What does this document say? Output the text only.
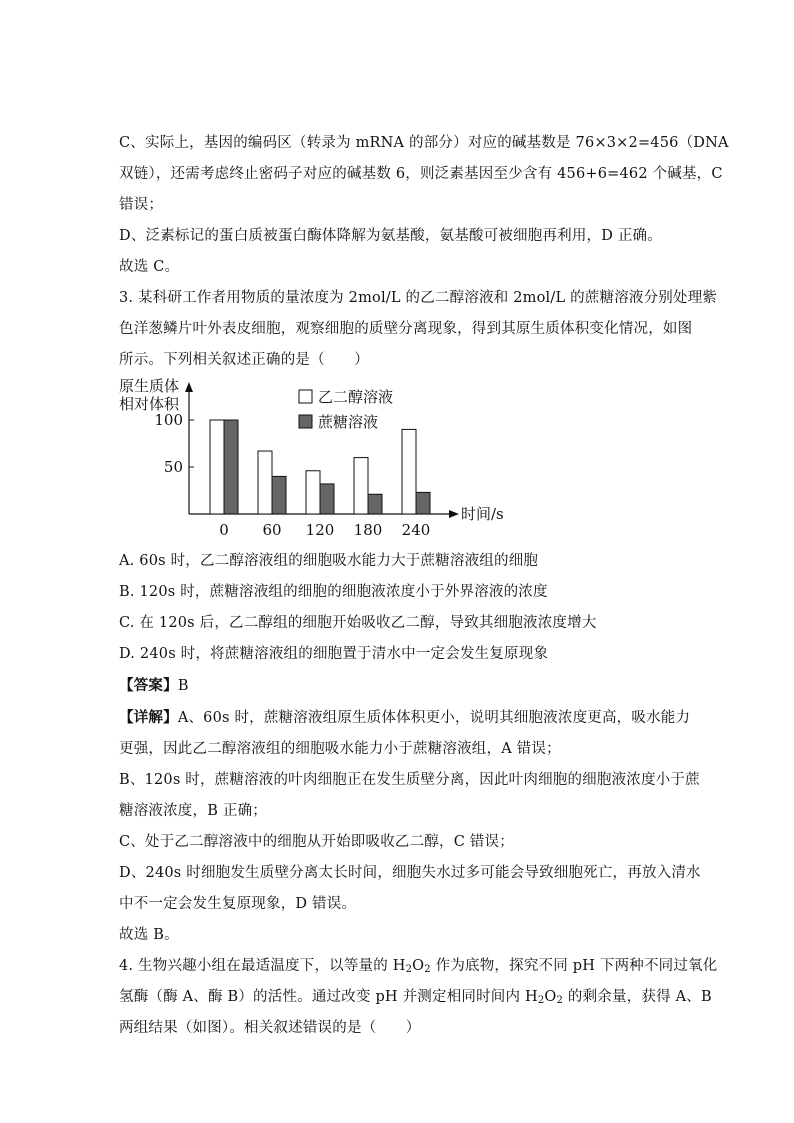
C、实际上，基因的编码区（转录为 mRNA 的部分）对应的碱基数是 76×3×2=456（DNA

双链），还需考虑终止密码子对应的碱基数 6，则泛素基因至少含有 456+6=462 个碱基，C

错误；

D、泛素标记的蛋白质被蛋白酶体降解为氨基酸，氨基酸可被细胞再利用，D 正确。

故选 C。

3. 某科研工作者用物质的量浓度为 2mol/L 的乙二醇溶液和 2mol/L 的蔗糖溶液分别处理紫

色洋葱鳞片叶外表皮细胞，观察细胞的质壁分离现象，得到其原生质体积变化情况，如图

所示。下列相关叙述正确的是（　　）

原生质体
相对体积
100
50
0 60 120 180 240
时间/s
乙二醇溶液
蔗糖溶液

A. 60s 时，乙二醇溶液组的细胞吸水能力大于蔗糖溶液组的细胞

B. 120s 时，蔗糖溶液组的细胞的细胞液浓度小于外界溶液的浓度

C. 在 120s 后，乙二醇组的细胞开始吸收乙二醇，导致其细胞液浓度增大

D. 240s 时，将蔗糖溶液组的细胞置于清水中一定会发生复原现象

【答案】B

【详解】A、60s 时，蔗糖溶液组原生质体体积更小，说明其细胞液浓度更高，吸水能力

更强，因此乙二醇溶液组的细胞吸水能力小于蔗糖溶液组，A 错误；

B、120s 时，蔗糖溶液的叶肉细胞正在发生质壁分离，因此叶肉细胞的细胞液浓度小于蔗

糖溶液浓度，B 正确；

C、处于乙二醇溶液中的细胞从开始即吸收乙二醇，C 错误；

D、240s 时细胞发生质壁分离太长时间，细胞失水过多可能会导致细胞死亡，再放入清水

中不一定会发生复原现象，D 错误。

故选 B。

4. 生物兴趣小组在最适温度下，以等量的 $H_2O_2$ 作为底物，探究不同 pH 下两种不同过氧化

氢酶（酶 A、酶 B）的活性。通过改变 pH 并测定相同时间内 $H_2O_2$ 的剩余量，获得 A、B

两组结果（如图）。相关叙述错误的是（　　）
